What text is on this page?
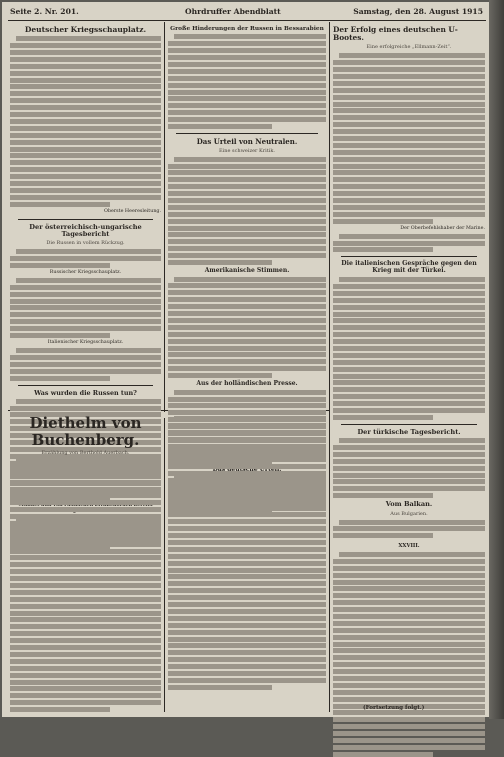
Seite 2. Nr. 201.	Ohrdruffer Abendblatt	Samstag, den 28. August 1915
Deutscher Kriegsschauplatz.
Oberste Heeresleitung.
Der österreichisch-ungarische Tagesbericht
Die Russen in vollem Rückzug.
Russischer Kriegsschauplatz.
Italienischer Kriegsschauplatz.
Was wurden die Russen tun?
Große Hinderungen der Russen in Bessarabien
Das Urteil von Neutralen.
Eine schweizer Kritik.
Amerikanische Stimmen.
Aus der holländischen Presse.
Der Erfolg eines deutschen U-Bootes.
Eine erfolgreiche „Ellmann-Zeit“.
Der Oberbefehlshaber der Marine.
Die italienischen Gespräche gegen den Krieg mit der Türkei.
Der türkische Tagesbericht.
Vom Balkan.
Aus Bulgarien.
XXVIII.
Diethelm von Buchenberg.
Erzählung von Berthold Auerbach.
(Fortsetzung folgt.)
